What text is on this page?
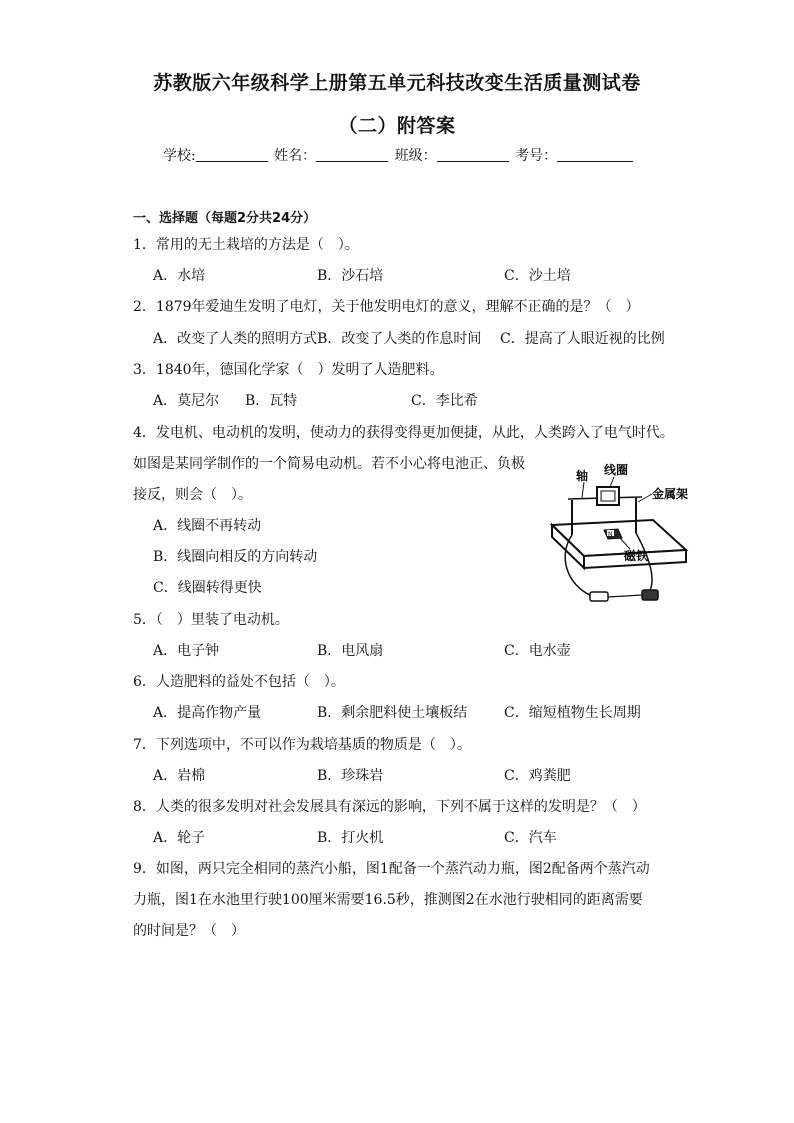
苏教版六年级科学上册第五单元科技改变生活质量测试卷
（二）附答案
学校:	姓名：	班级：	考号：
一、选择题（每题2分共24分）
1．常用的无土栽培的方法是（　）。
A．水培	B．沙石培	C．沙土培
2．1879年爱迪生发明了电灯，关于他发明电灯的意义，理解不正确的是？（　）
A．改变了人类的照明方式B．改变了人类的作息时间 C．提高了人眼近视的比例
3．1840年，德国化学家（　）发明了人造肥料。
A．莫尼尔 B．瓦特	C．李比希
4．发电机、电动机的发明，使动力的获得变得更加便捷，从此，人类跨入了电气时代。
如图是某同学制作的一个简易电动机。若不小心将电池正、负极
接反，则会（　）。
A．线圈不再转动
B．线圈向相反的方向转动
C．线圈转得更快
N
轴 线圈
金属架
磁铁
5．（　）里装了电动机。
A．电子钟	B．电风扇	C．电水壶
6．人造肥料的益处不包括（　）。
A．提高作物产量	B．剩余肥料使土壤板结	C．缩短植物生长周期
7．下列选项中，不可以作为栽培基质的物质是（　）。
A．岩棉	B．珍珠岩	C．鸡粪肥
8．人类的很多发明对社会发展具有深远的影响，下列不属于这样的发明是？（　）
A．轮子	B．打火机	C．汽车
9．如图，两只完全相同的蒸汽小船，图1配备一个蒸汽动力瓶，图2配备两个蒸汽动
力瓶，图1在水池里行驶100厘米需要16.5秒，推测图2在水池行驶相同的距离需要
的时间是？（　）
